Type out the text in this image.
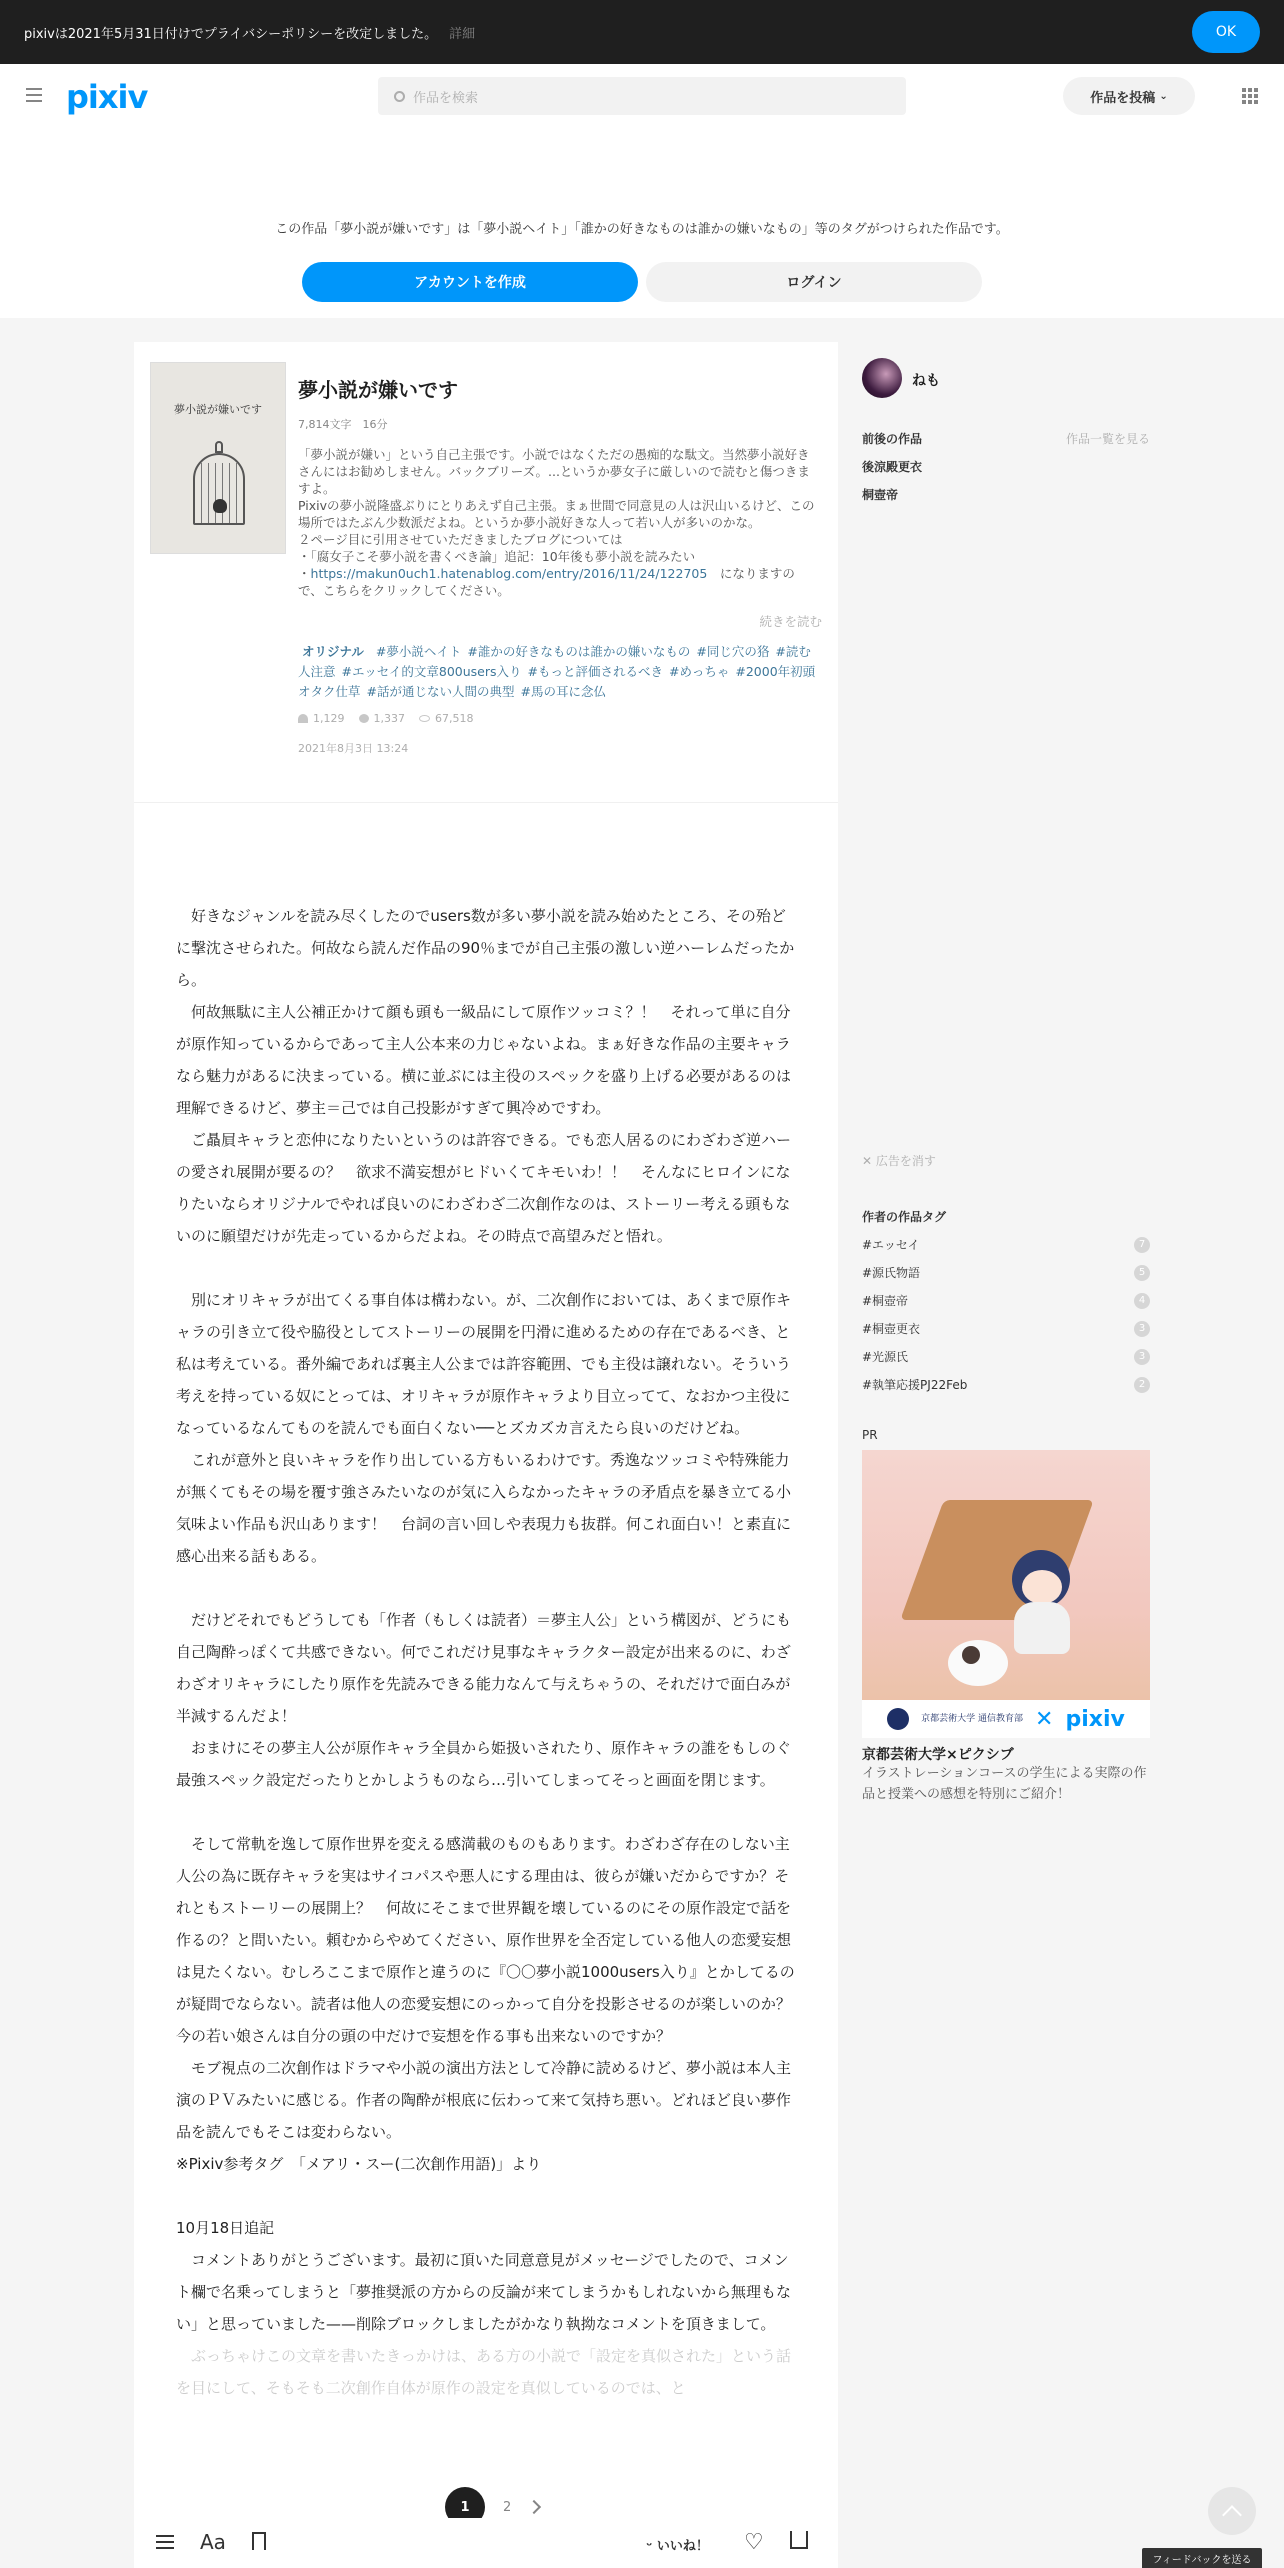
pixivは2021年5月31日付けでプライバシーポリシーを改定しました。 詳細	OK
pixiv	作品を検索	作品を投稿 ⌄

この作品「夢小説が嫌いです」は「夢小説ヘイト」「誰かの好きなものは誰かの嫌いなもの」等のタグがつけられた作品です。

アカウントを作成	ログイン
夢小説が嫌いです
夢小説が嫌いです
7,814文字　16分
「夢小説が嫌い」という自己主張です。小説ではなくただの愚痴的な駄文。当然夢小説好きさんにはお勧めしません。バックブリーズ。...というか夢女子に厳しいので読むと傷つきますよ。
Pixivの夢小説隆盛ぶりにとりあえず自己主張。まぁ世間で同意見の人は沢山いるけど、この場所ではたぶん少数派だよね。というか夢小説好きな人って若い人が多いのかな。
２ページ目に引用させていただきましたブログについては
・「腐女子こそ夢小説を書くべき論」追記：10年後も夢小説を読みたい
・https://makun0uch1.hatenablog.com/entry/2016/11/24/122705　になりますので、こちらをクリックしてください。
続きを読む
オリジナル #夢小説ヘイト #誰かの好きなものは誰かの嫌いなもの #同じ穴の狢 #読む人注意 #エッセイ的文章800users入り #もっと評価されるべき #めっちゃ #2000年初頭オタク仕草 #話が通じない人間の典型 #馬の耳に念仏
1,129	1,337	67,518
2021年8月3日 13:24

　好きなジャンルを読み尽くしたのでusers数が多い夢小説を読み始めたところ、その殆どに撃沈させられた。何故なら読んだ作品の90％までが自己主張の激しい逆ハーレムだったから。

　何故無駄に主人公補正かけて顔も頭も一級品にして原作ツッコミ？！　それって単に自分が原作知っているからであって主人公本来の力じゃないよね。まぁ好きな作品の主要キャラなら魅力があるに決まっている。横に並ぶには主役のスペックを盛り上げる必要があるのは理解できるけど、夢主＝己では自己投影がすぎて興冷めですわ。

　ご贔屓キャラと恋仲になりたいというのは許容できる。でも恋人居るのにわざわざ逆ハーの愛され展開が要るの？　欲求不満妄想がヒドいくてキモいわ！！　そんなにヒロインになりたいならオリジナルでやれば良いのにわざわざ二次創作なのは、ストーリー考える頭もないのに願望だけが先走っているからだよね。その時点で高望みだと悟れ。

　別にオリキャラが出てくる事自体は構わない。が、二次創作においては、あくまで原作キャラの引き立て役や脇役としてストーリーの展開を円滑に進めるための存在であるべき、と私は考えている。番外編であれば裏主人公までは許容範囲、でも主役は譲れない。そういう考えを持っている奴にとっては、オリキャラが原作キャラより目立ってて、なおかつ主役になっているなんてものを読んでも面白くない──とズカズカ言えたら良いのだけどね。

　これが意外と良いキャラを作り出している方もいるわけです。秀逸なツッコミや特殊能力が無くてもその場を覆す強さみたいなのが気に入らなかったキャラの矛盾点を暴き立てる小気味よい作品も沢山あります！　台詞の言い回しや表現力も抜群。何これ面白い！と素直に感心出来る話もある。

　だけどそれでもどうしても「作者（もしくは読者）＝夢主人公」という構図が、どうにも自己陶酔っぽくて共感できない。何でこれだけ見事なキャラクター設定が出来るのに、わざわざオリキャラにしたり原作を先読みできる能力なんて与えちゃうの、それだけで面白みが半減するんだよ！

　おまけにその夢主人公が原作キャラ全員から姫扱いされたり、原作キャラの誰をもしのぐ最強スペック設定だったりとかしようものなら…引いてしまってそっと画面を閉じます。

　そして常軌を逸して原作世界を変える感満載のものもあります。わざわざ存在のしない主人公の為に既存キャラを実はサイコパスや悪人にする理由は、彼らが嫌いだからですか？それともストーリーの展開上？　何故にそこまで世界観を壊しているのにその原作設定で話を作るの？と問いたい。頼むからやめてください、原作世界を全否定している他人の恋愛妄想は見たくない。むしろここまで原作と違うのに『〇〇夢小説1000users入り』とかしてるのが疑問でならない。読者は他人の恋愛妄想にのっかって自分を投影させるのが楽しいのか？　今の若い娘さんは自分の頭の中だけで妄想を作る事も出来ないのですか？

　モブ視点の二次創作はドラマや小説の演出方法として冷静に読めるけど、夢小説は本人主演のＰＶみたいに感じる。作者の陶酔が根底に伝わって来て気持ち悪い。どれほど良い夢作品を読んでもそこは変わらない。

※Pixiv参考タグ　「メアリ・スー(二次創作用語)」より

10月18日追記

　コメントありがとうございます。最初に頂いた同意意見がメッセージでしたので、コメント欄で名乗ってしまうと「夢推奨派の方からの反論が来てしまうかもしれないから無理もない」と思っていました——削除ブロックしましたがかなり執拗なコメントを頂きまして。

　ぶっちゃけこの文章を書いたきっかけは、ある方の小説で「設定を真似された」という話を目にして、そもそも二次創作自体が原作の設定を真似しているのでは、と

1	2
Aa	ᵕ いいね！ ♡
ねも
前後の作品	作品一覧を見る
後涼殿更衣
桐壺帝
✕ 広告を消す
作者の作品タグ
#エッセイ	7
#源氏物語	5
#桐壺帝	4
#桐壺更衣	3
#光源氏	3
#執筆応援PJ22Feb	2
PR
京都芸術大学 通信教育部 ✕ pixiv
京都芸術大学×ピクシブ
イラストレーションコースの学生による実際の作品と授業への感想を特別にご紹介！
フィードバックを送る
